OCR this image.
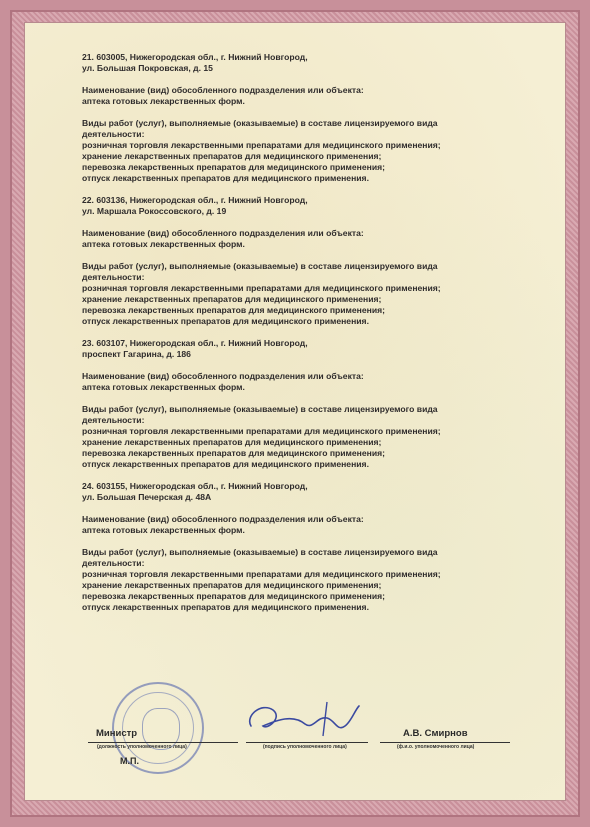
21. 603005, Нижегородская обл., г. Нижний Новгород,
ул. Большая Покровская, д. 15
Наименование (вид) обособленного подразделения или объекта:
аптека готовых лекарственных форм.
Виды работ (услуг), выполняемые (оказываемые) в составе лицензируемого вида
деятельности:
розничная торговля лекарственными препаратами для медицинского применения;
хранение лекарственных препаратов для медицинского применения;
перевозка лекарственных препаратов для медицинского применения;
отпуск лекарственных препаратов для медицинского применения.
22. 603136, Нижегородская обл., г. Нижний Новгород,
ул. Маршала Рокоссовского, д. 19
Наименование (вид) обособленного подразделения или объекта:
аптека готовых лекарственных форм.
Виды работ (услуг), выполняемые (оказываемые) в составе лицензируемого вида
деятельности:
розничная торговля лекарственными препаратами для медицинского применения;
хранение лекарственных препаратов для медицинского применения;
перевозка лекарственных препаратов для медицинского применения;
отпуск лекарственных препаратов для медицинского применения.
23. 603107, Нижегородская обл., г. Нижний Новгород,
проспект Гагарина, д. 186
Наименование (вид) обособленного подразделения или объекта:
аптека готовых лекарственных форм.
Виды работ (услуг), выполняемые (оказываемые) в составе лицензируемого вида
деятельности:
розничная торговля лекарственными препаратами для медицинского применения;
хранение лекарственных препаратов для медицинского применения;
перевозка лекарственных препаратов для медицинского применения;
отпуск лекарственных препаратов для медицинского применения.
24. 603155, Нижегородская обл., г. Нижний Новгород,
ул. Большая Печерская д. 48А
Наименование (вид) обособленного подразделения или объекта:
аптека готовых лекарственных форм.
Виды работ (услуг), выполняемые (оказываемые) в составе лицензируемого вида
деятельности:
розничная торговля лекарственными препаратами для медицинского применения;
хранение лекарственных препаратов для медицинского применения;
перевозка лекарственных препаратов для медицинского применения;
отпуск лекарственных препаратов для медицинского применения.
Министр
(должность уполномоченного лица)	(подпись уполномоченного лица)
А.В. Смирнов
(ф.и.о. уполномоченного лица)
М.П.
